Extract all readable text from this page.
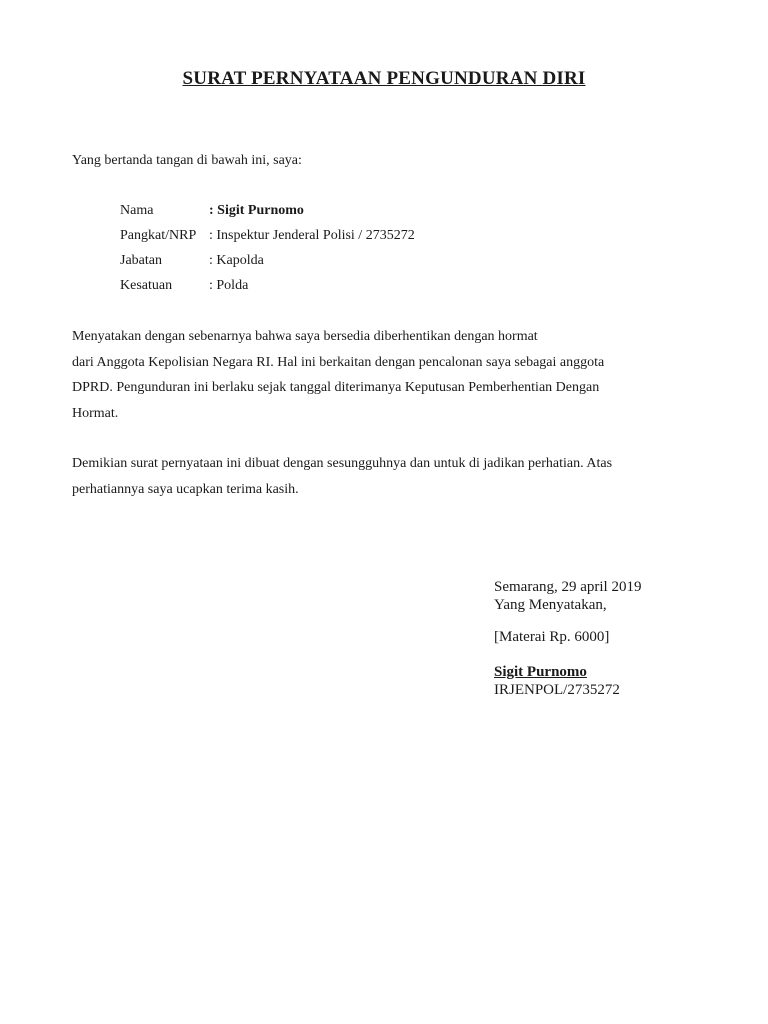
SURAT PERNYATAAN PENGUNDURAN DIRI
Yang bertanda tangan di bawah ini, saya:
Nama	: Sigit Purnomo
Pangkat/NRP : Inspektur Jenderal Polisi / 2735272
Jabatan	: Kapolda
Kesatuan	: Polda
Menyatakan dengan sebenarnya bahwa saya bersedia diberhentikan dengan hormat
dari Anggota Kepolisian Negara RI. Hal ini berkaitan dengan pencalonan saya sebagai anggota
DPRD. Pengunduran ini berlaku sejak tanggal diterimanya Keputusan Pemberhentian Dengan
Hormat.
Demikian surat pernyataan ini dibuat dengan sesungguhnya dan untuk di jadikan perhatian. Atas
perhatiannya saya ucapkan terima kasih.
Semarang, 29 april 2019
Yang Menyatakan,
[Materai Rp. 6000]
Sigit Purnomo
IRJENPOL/2735272
